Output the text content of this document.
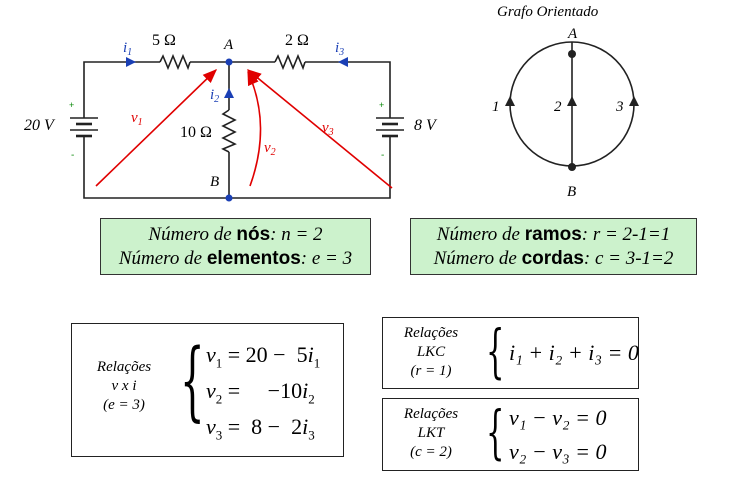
+
-
+
-
5 Ω	2 Ω
10 Ω
20 V	8 V
A
B
$i_1$	$i_3$
$i_2$
$v_1$
$v_2$
$v_3$
Grafo Orientado
A
B
1	2	3
Número de nós: n = 2
Número de elementos: e = 3
Número de ramos: r = 2-1=1
Número de cordas: c = 3-1=2
Relações
v x i
(e = 3) { $v_1 = 20 - 5i_1$
$v_2$ =     $-10i_2$
$v_3 = 8 - 2i_3$
Relações
LKC
(r = 1) { i₁ + i₂ + i₃ = 0
Relações
LKT
(c = 2) { v₁ − v₂ = 0
v₂ − v₃ = 0
